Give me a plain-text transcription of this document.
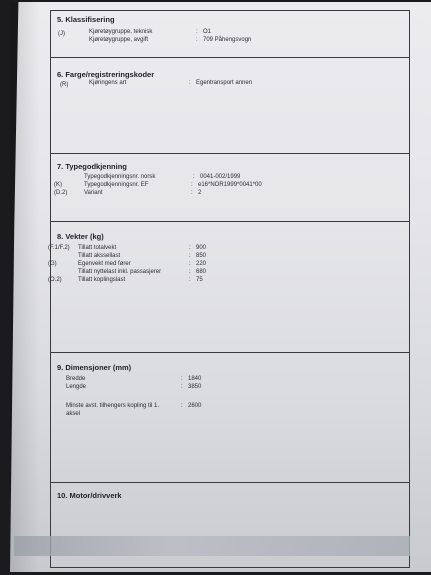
5. Klassifisering
(J)	Kjøretøygruppe, teknisk	: O1
Kjøretøygruppe, avgift	: 709 Påhengsvogn
6. Farge/registreringskoder
(R)	Kjøringens art	: Egentransport annen
7. Typegodkjenning
Typegodkjenningsnr. norsk	: 0041-002/1999
(K)	Typegodkjenningsnr. EF	: e16*NOR1999*0041*00
(D.2)	Variant	: 2
8. Vekter (kg)
(F.1/F.2) Tillatt totalvekt	: 900
Tillatt akssellast	: 850
(G)	Egenvekt med fører	: 220
Tillatt nyttelast inkl. passasjerer	: 680
(O.2)	Tillatt koplingslast	: 75
9. Dimensjoner (mm)
Bredde	: 1840
Lengde	: 3850
Minste avst. tilhengers kopling til 1.
aksel
: 2600
10. Motor/drivverk
